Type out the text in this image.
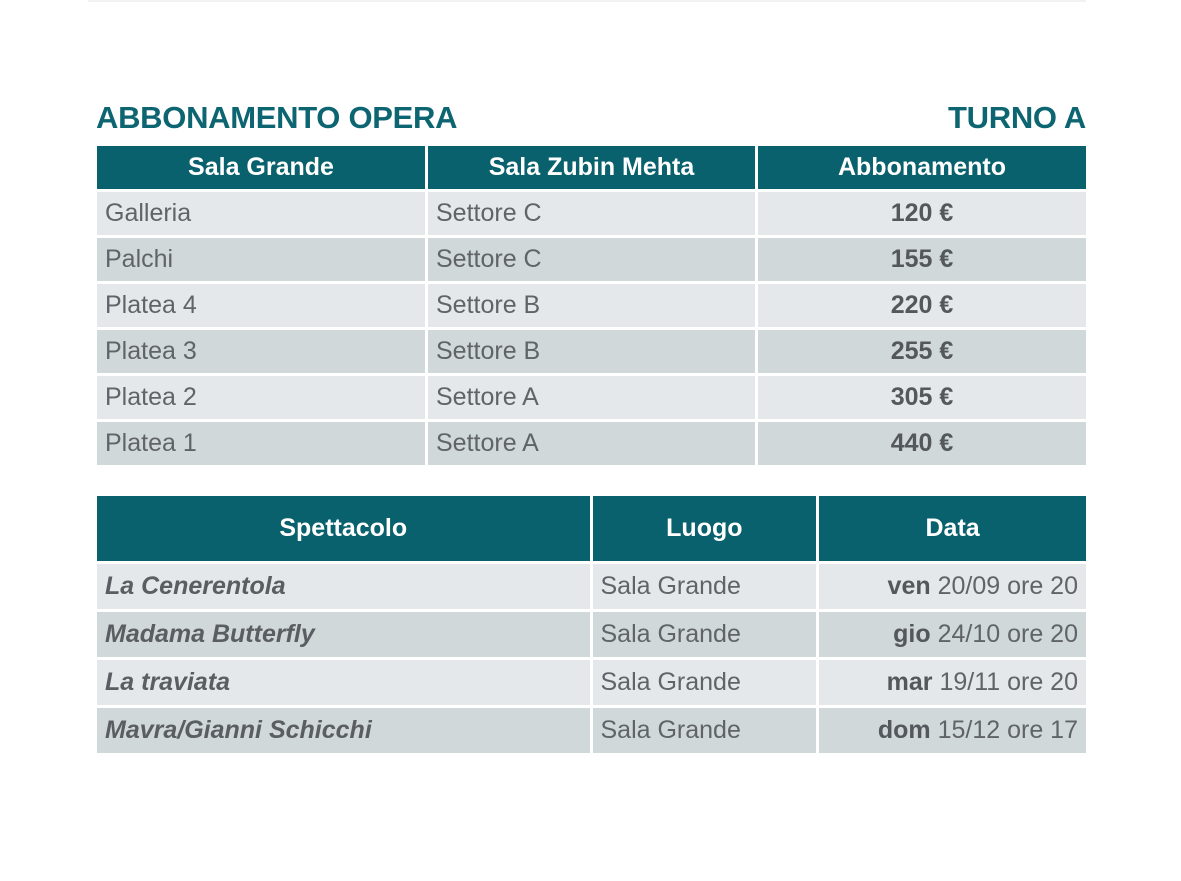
ABBONAMENTO OPERA	TURNO A
Sala Grande	Sala Zubin Mehta	Abbonamento
Galleria	Settore C	120 €
Palchi	Settore C	155 €
Platea 4	Settore B	220 €
Platea 3	Settore B	255 €
Platea 2	Settore A	305 €
Platea 1	Settore A	440 €
Spettacolo	Luogo	Data
La Cenerentola	Sala Grande	ven 20/09 ore 20
Madama Butterfly	Sala Grande	gio 24/10 ore 20
La traviata	Sala Grande	mar 19/11 ore 20
Mavra/Gianni Schicchi	Sala Grande	dom 15/12 ore 17
